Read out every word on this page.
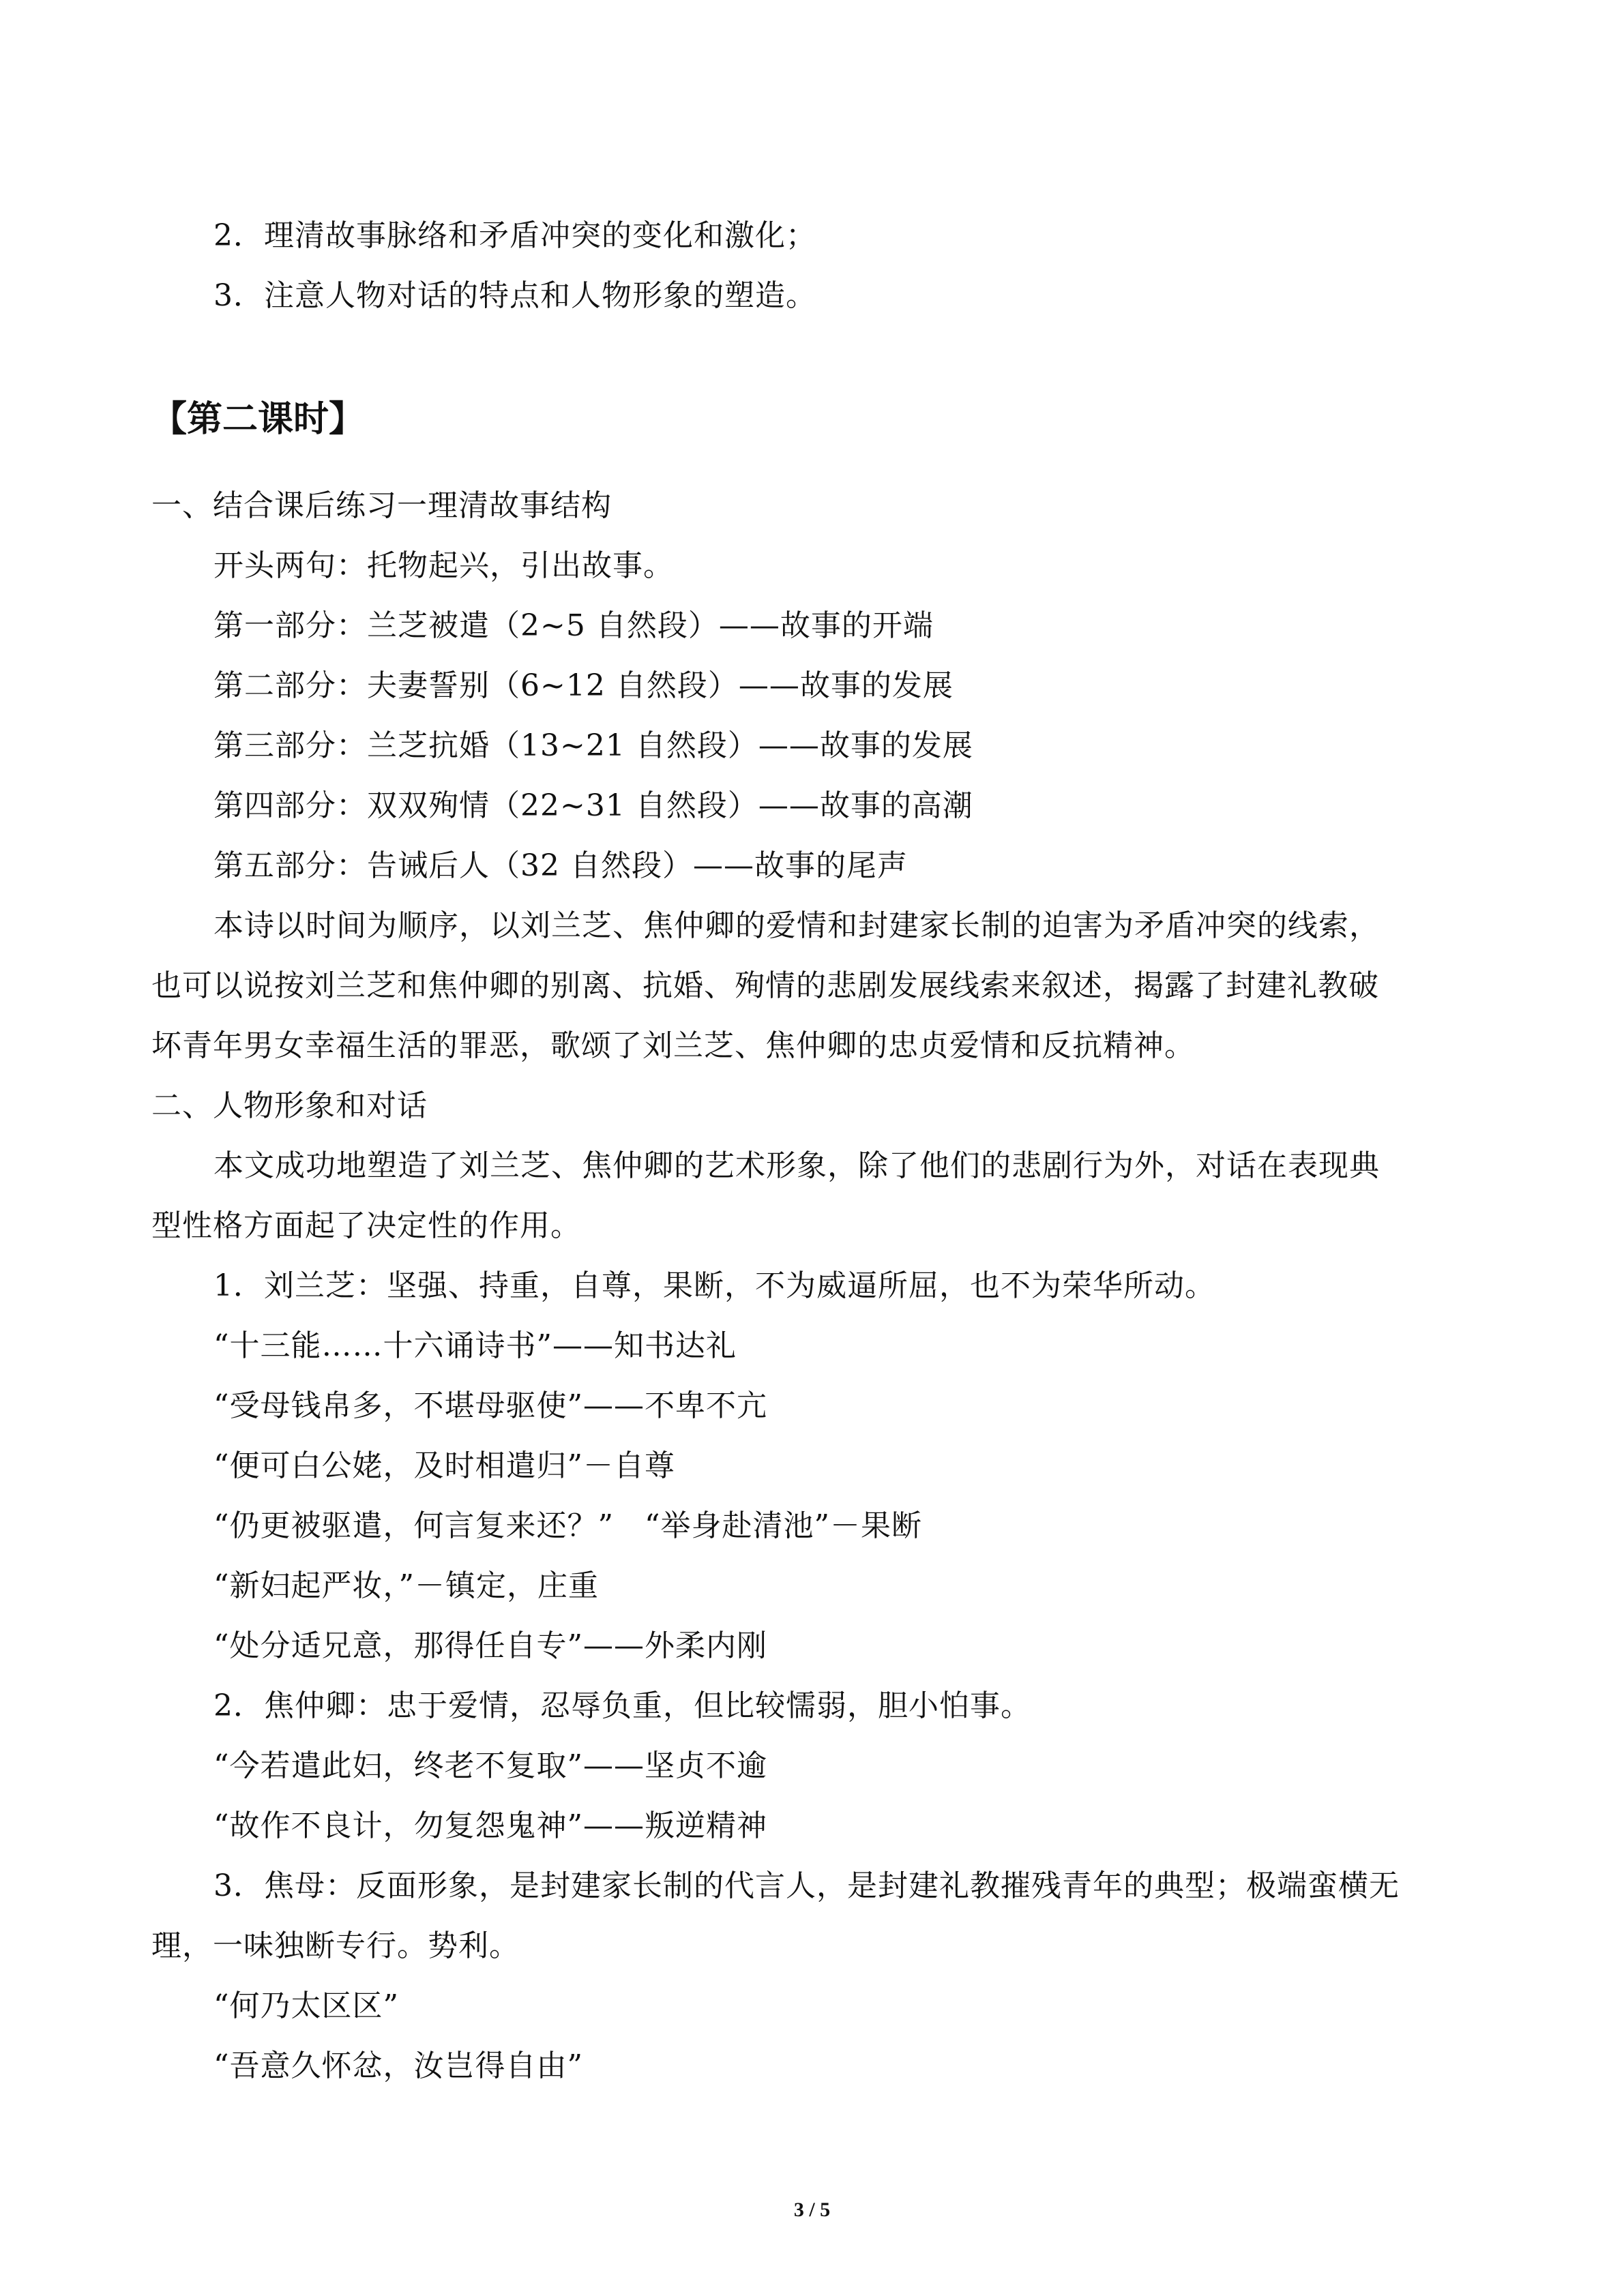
2．理清故事脉络和矛盾冲突的变化和激化；
3．注意人物对话的特点和人物形象的塑造。
【第二课时】
一、结合课后练习一理清故事结构
开头两句：托物起兴，引出故事。
第一部分：兰芝被遣（2~5 自然段）——故事的开端
第二部分：夫妻誓别（6~12 自然段）——故事的发展
第三部分：兰芝抗婚（13~21 自然段）——故事的发展
第四部分：双双殉情（22~31 自然段）——故事的高潮
第五部分：告诫后人（32 自然段）——故事的尾声
本诗以时间为顺序，以刘兰芝、焦仲卿的爱情和封建家长制的迫害为矛盾冲突的线索，
也可以说按刘兰芝和焦仲卿的别离、抗婚、殉情的悲剧发展线索来叙述，揭露了封建礼教破
坏青年男女幸福生活的罪恶，歌颂了刘兰芝、焦仲卿的忠贞爱情和反抗精神。
二、人物形象和对话
本文成功地塑造了刘兰芝、焦仲卿的艺术形象，除了他们的悲剧行为外，对话在表现典
型性格方面起了决定性的作用。
1．刘兰芝：坚强、持重，自尊，果断，不为威逼所屈，也不为荣华所动。
“十三能……十六诵诗书”——知书达礼
“受母钱帛多，不堪母驱使”——不卑不亢
“便可白公姥，及时相遣归”－自尊
“仍更被驱遣，何言复来还？”　“举身赴清池”－果断
“新妇起严妆，”－镇定，庄重
“处分适兄意，那得任自专”——外柔内刚
2．焦仲卿：忠于爱情，忍辱负重，但比较懦弱，胆小怕事。
“今若遣此妇，终老不复取”——坚贞不逾
“故作不良计，勿复怨鬼神”——叛逆精神
3．焦母：反面形象，是封建家长制的代言人，是封建礼教摧残青年的典型；极端蛮横无
理，一味独断专行。势利。
“何乃太区区”
“吾意久怀忿，汝岂得自由”
3 / 5
